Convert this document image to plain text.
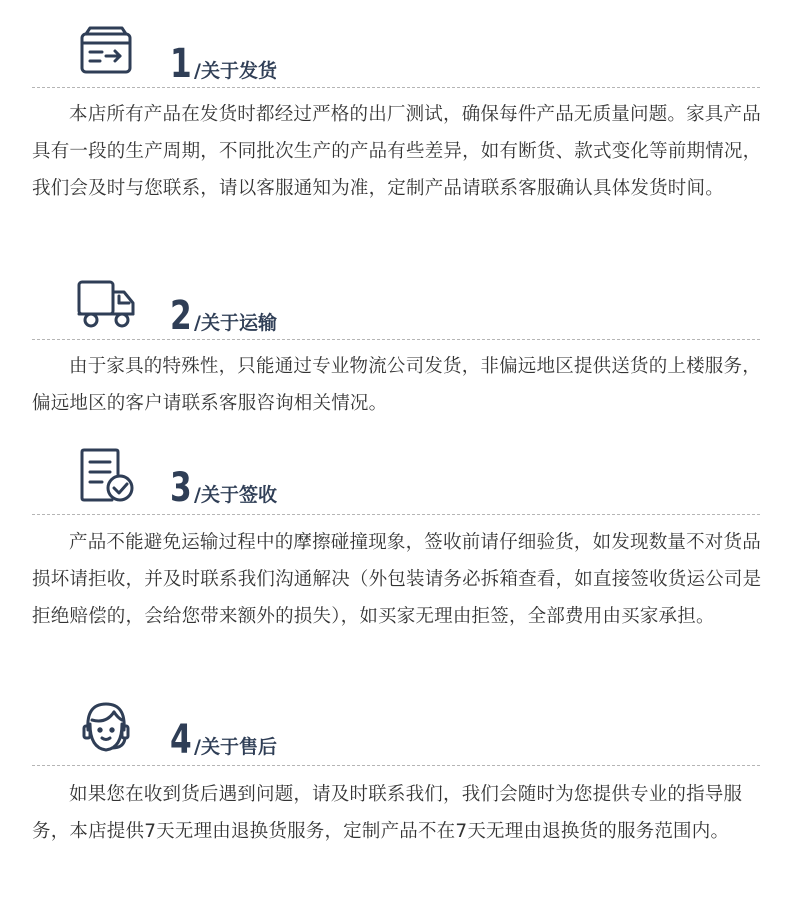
1 /关于发货

本店所有产品在发货时都经过严格的出厂测试，确保每件产品无质量问题。家具产品具有一段的生产周期，不同批次生产的产品有些差异，如有断货、款式变化等前期情况，我们会及时与您联系，请以客服通知为准，定制产品请联系客服确认具体发货时间。

2 /关于运输

由于家具的特殊性，只能通过专业物流公司发货，非偏远地区提供送货的上楼服务，偏远地区的客户请联系客服咨询相关情况。

3 /关于签收

产品不能避免运输过程中的摩擦碰撞现象，签收前请仔细验货，如发现数量不对货品损坏请拒收，并及时联系我们沟通解决（外包装请务必拆箱查看，如直接签收货运公司是拒绝赔偿的，会给您带来额外的损失），如买家无理由拒签，全部费用由买家承担。

4 /关于售后

如果您在收到货后遇到问题，请及时联系我们，我们会随时为您提供专业的指导服务，本店提供7天无理由退换货服务，定制产品不在7天无理由退换货的服务范围内。
